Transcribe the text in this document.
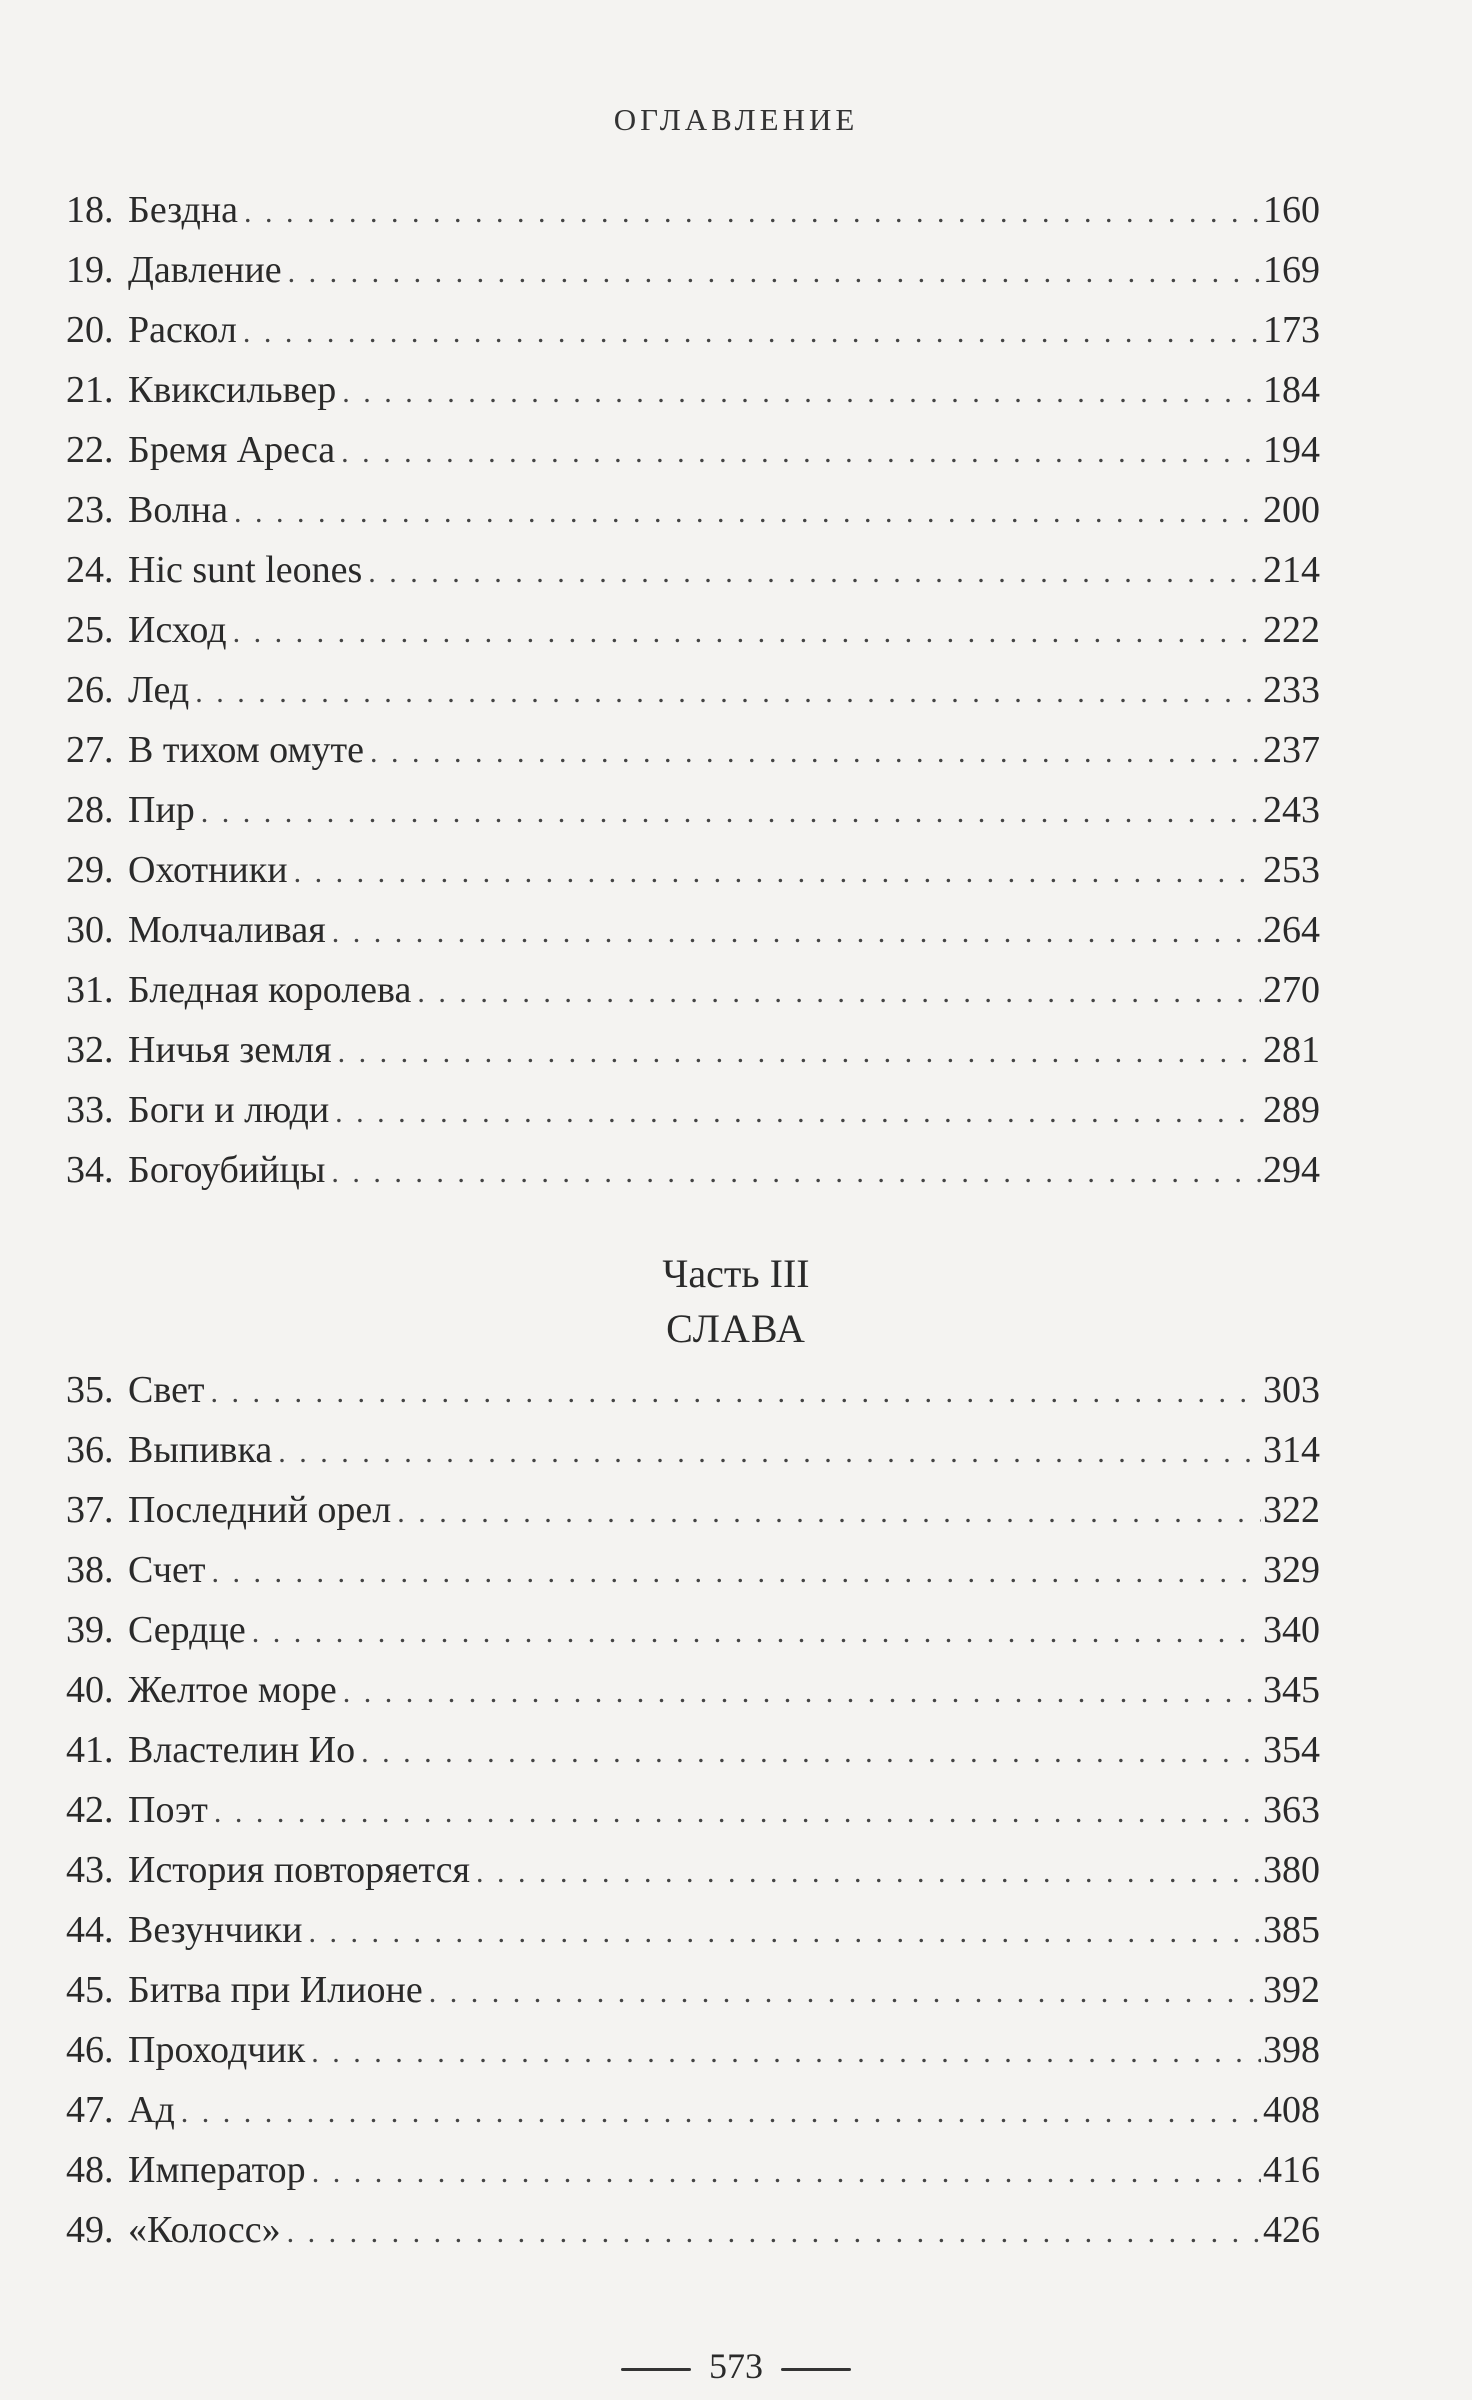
ОГЛАВЛЕНИЕ
18. Бездна . . .	160
19. Давление . . .	169
20. Раскол . . .	173
21. Квиксильвер . . .	184
22. Бремя Ареса . . .	194
23. Волна . . .	200
24. Hic sunt leones . . .	214
25. Исход . . .	222
26. Лед . . .	233
27. В тихом омуте . . .	237
28. Пир . . .	243
29. Охотники . . .	253
30. Молчаливая . . .	264
31. Бледная королева . . .	270
32. Ничья земля . . .	281
33. Боги и люди . . .	289
34. Богоубийцы . . .	294
Часть III
СЛАВА
35. Свет . . .	303
36. Выпивка . . .	314
37. Последний орел . . .	322
38. Счет . . .	329
39. Сердце . . .	340
40. Желтое море . . .	345
41. Властелин Ио . . .	354
42. Поэт . . .	363
43. История повторяется . . .	380
44. Везунчики . . .	385
45. Битва при Илионе . . .	392
46. Проходчик . . .	398
47. Ад . . .	408
48. Император . . .	416
49. «Колосс» . . .	426
573
